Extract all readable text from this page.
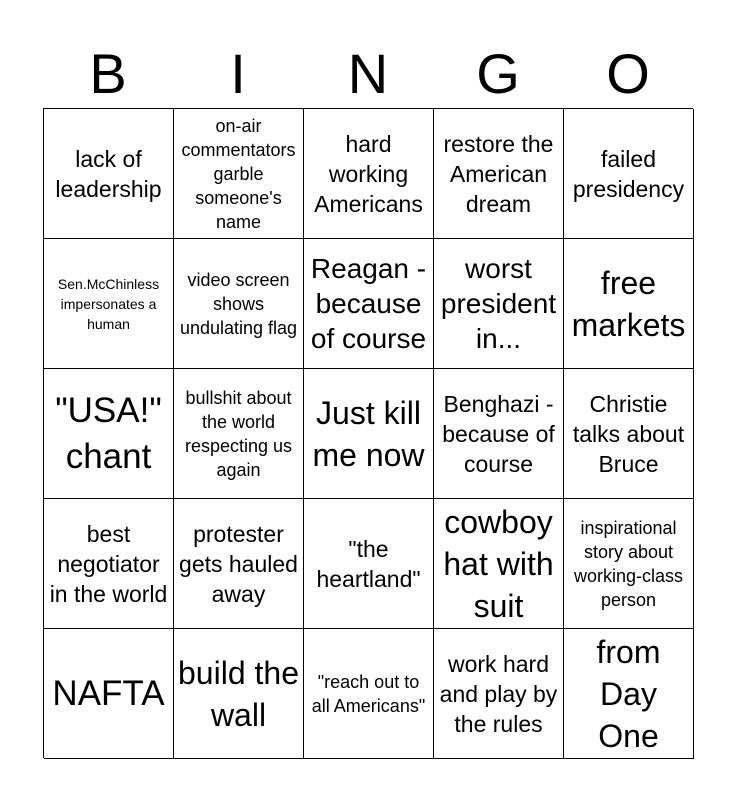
B	I	N	G	O
lack of leadership
on-air commentators garble someone's name
hard working Americans
restore the American dream
failed presidency
Sen.McChinless impersonates a human
video screen shows undulating flag
Reagan - because of course
worst president in...
free markets
"USA!" chant
bullshit about the world respecting us again
Just kill me now
Benghazi - because of course
Christie talks about Bruce
best negotiator in the world
protester gets hauled away
"the heartland"
cowboy hat with suit
inspirational story about working-class person
NAFTA
build the wall
"reach out to all Americans"
work hard and play by the rules
from Day One
